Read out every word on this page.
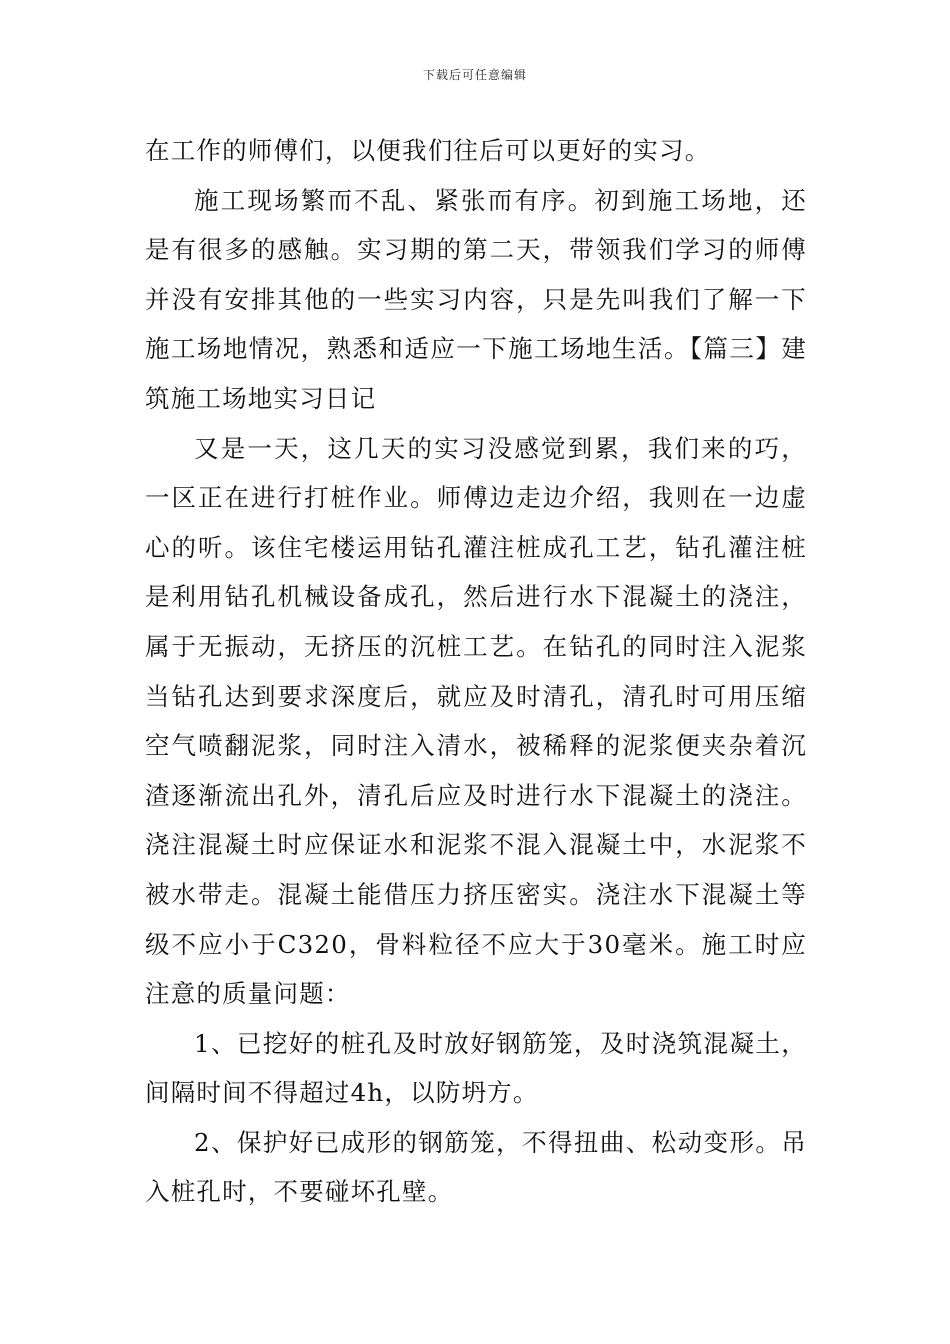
下载后可任意编辑

在工作的师傅们，以便我们往后可以更好的实习。

施工现场繁而不乱、紧张而有序。初到施工场地，还是有很多的感触。实习期的第二天，带领我们学习的师傅并没有安排其他的一些实习内容，只是先叫我们了解一下施工场地情况，熟悉和适应一下施工场地生活。【篇三】建筑施工场地实习日记

又是一天，这几天的实习没感觉到累，我们来的巧，一区正在进行打桩作业。师傅边走边介绍，我则在一边虚心的听。该住宅楼运用钻孔灌注桩成孔工艺，钻孔灌注桩是利用钻孔机械设备成孔，然后进行水下混凝土的浇注，属于无振动，无挤压的沉桩工艺。在钻孔的同时注入泥浆当钻孔达到要求深度后，就应及时清孔，清孔时可用压缩空气喷翻泥浆，同时注入清水，被稀释的泥浆便夹杂着沉渣逐渐流出孔外，清孔后应及时进行水下混凝土的浇注。浇注混凝土时应保证水和泥浆不混入混凝土中，水泥浆不被水带走。混凝土能借压力挤压密实。浇注水下混凝土等级不应小于C320，骨料粒径不应大于30毫米。施工时应注意的质量问题：

1、已挖好的桩孔及时放好钢筋笼，及时浇筑混凝土，间隔时间不得超过4h，以防坍方。

2、保护好已成形的钢筋笼，不得扭曲、松动变形。吊入桩孔时，不要碰坏孔壁。
